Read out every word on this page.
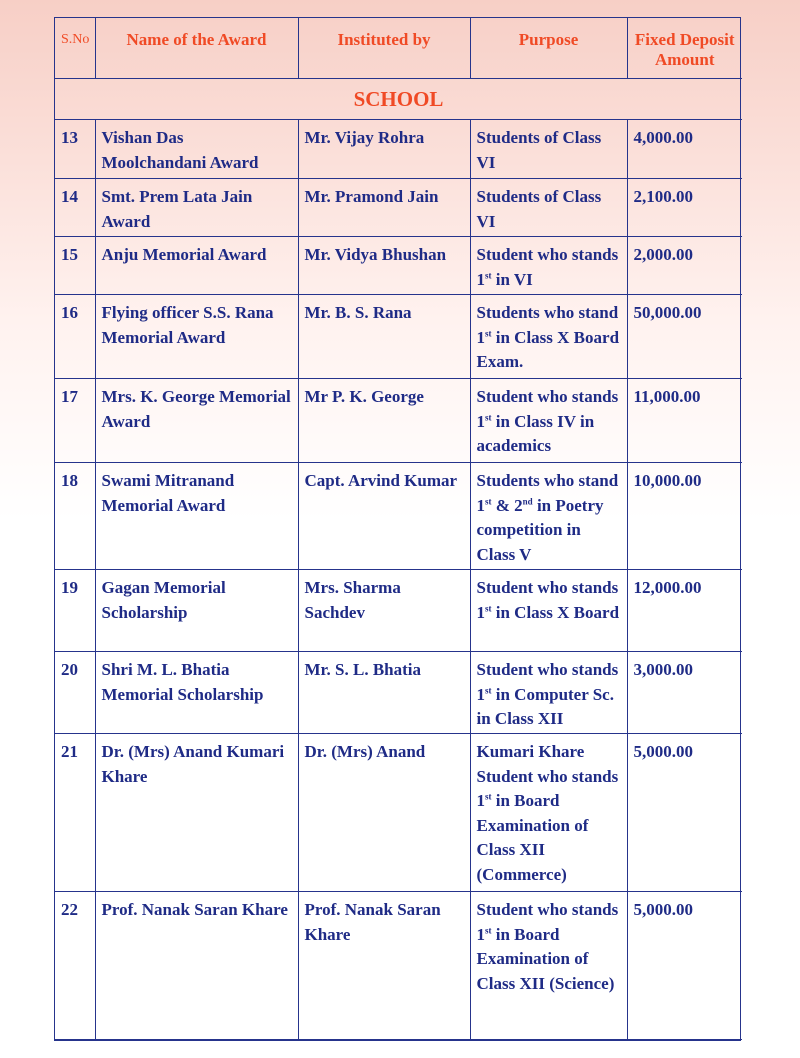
S.No	Name of the Award	Instituted by	Purpose	Fixed Deposit Amount
SCHOOL				
13	Vishan Das Moolchandani Award	Mr. Vijay Rohra	Students of Class VI	4,000.00
14	Smt. Prem Lata Jain Award	Mr. Pramond Jain	Students of Class VI	2,100.00
15	Anju Memorial Award	Mr. Vidya Bhushan	Student who stands 1st in VI	2,000.00
16	Flying officer S.S. Rana Memorial Award	Mr. B. S. Rana	Students who stand 1st in Class X Board Exam.	50,000.00
17	Mrs. K. George Memorial Award	Mr P. K. George	Student who stands 1st in Class IV in academics	11,000.00
18	Swami Mitranand Memorial Award	Capt. Arvind Kumar	Students who stand 1st & 2nd in Poetry competition in Class V	10,000.00
19	Gagan Memorial Scholarship	Mrs. Sharma Sachdev	Student who stands 1st in Class X Board	12,000.00
20	Shri M. L. Bhatia Memorial Scholarship	Mr. S. L. Bhatia	Student who stands 1st in Computer Sc. in Class XII	3,000.00
21	Dr. (Mrs) Anand Kumari Khare	Dr. (Mrs) Anand	Kumari Khare Student who stands 1st in Board Examination of Class XII (Commerce)	5,000.00
22	Prof. Nanak Saran Khare	Prof. Nanak Saran Khare	Student who stands 1st in Board Examination of Class XII (Science)	5,000.00
